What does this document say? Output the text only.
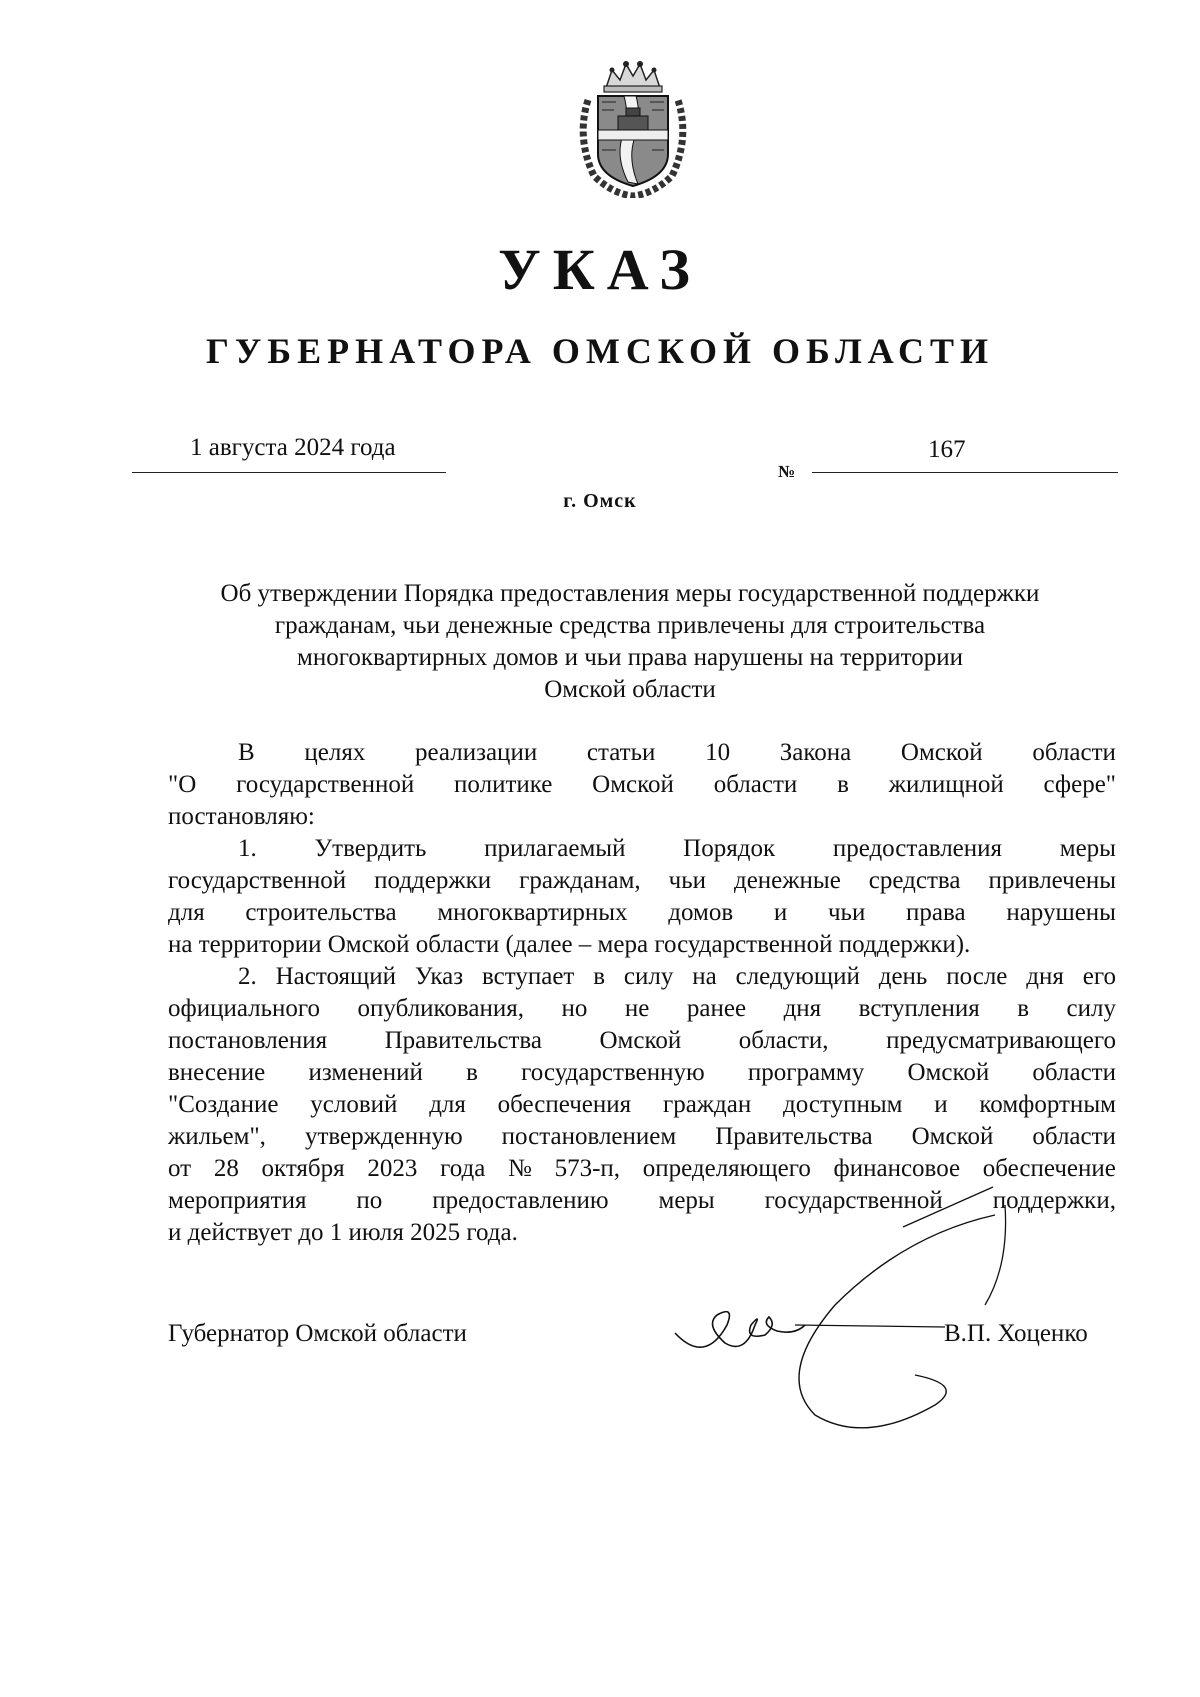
УКАЗ
ГУБЕРНАТОРА ОМСКОЙ ОБЛАСТИ
1 августа 2024 года
№
167
г. Омск
Об утверждении Порядка предоставления меры государственной поддержки
гражданам, чьи денежные средства привлечены для строительства
многоквартирных домов и чьи права нарушены на территории
Омской области
В целях реализации статьи 10 Закона Омской области
"О государственной политике Омской области в жилищной сфере"
постановляю:
1. Утвердить прилагаемый Порядок предоставления меры
государственной поддержки гражданам, чьи денежные средства привлечены
для строительства многоквартирных домов и чьи права нарушены
на территории Омской области (далее – мера государственной поддержки).
2. Настоящий Указ вступает в силу на следующий день после дня его
официального опубликования, но не ранее дня вступления в силу
постановления Правительства Омской области, предусматривающего
внесение изменений в государственную программу Омской области
"Создание условий для обеспечения граждан доступным и комфортным
жильем", утвержденную постановлением Правительства Омской области
от 28 октября 2023 года № 573-п, определяющего финансовое обеспечение
мероприятия по предоставлению меры государственной поддержки,
и действует до 1 июля 2025 года.
Губернатор Омской области	В.П. Хоценко
